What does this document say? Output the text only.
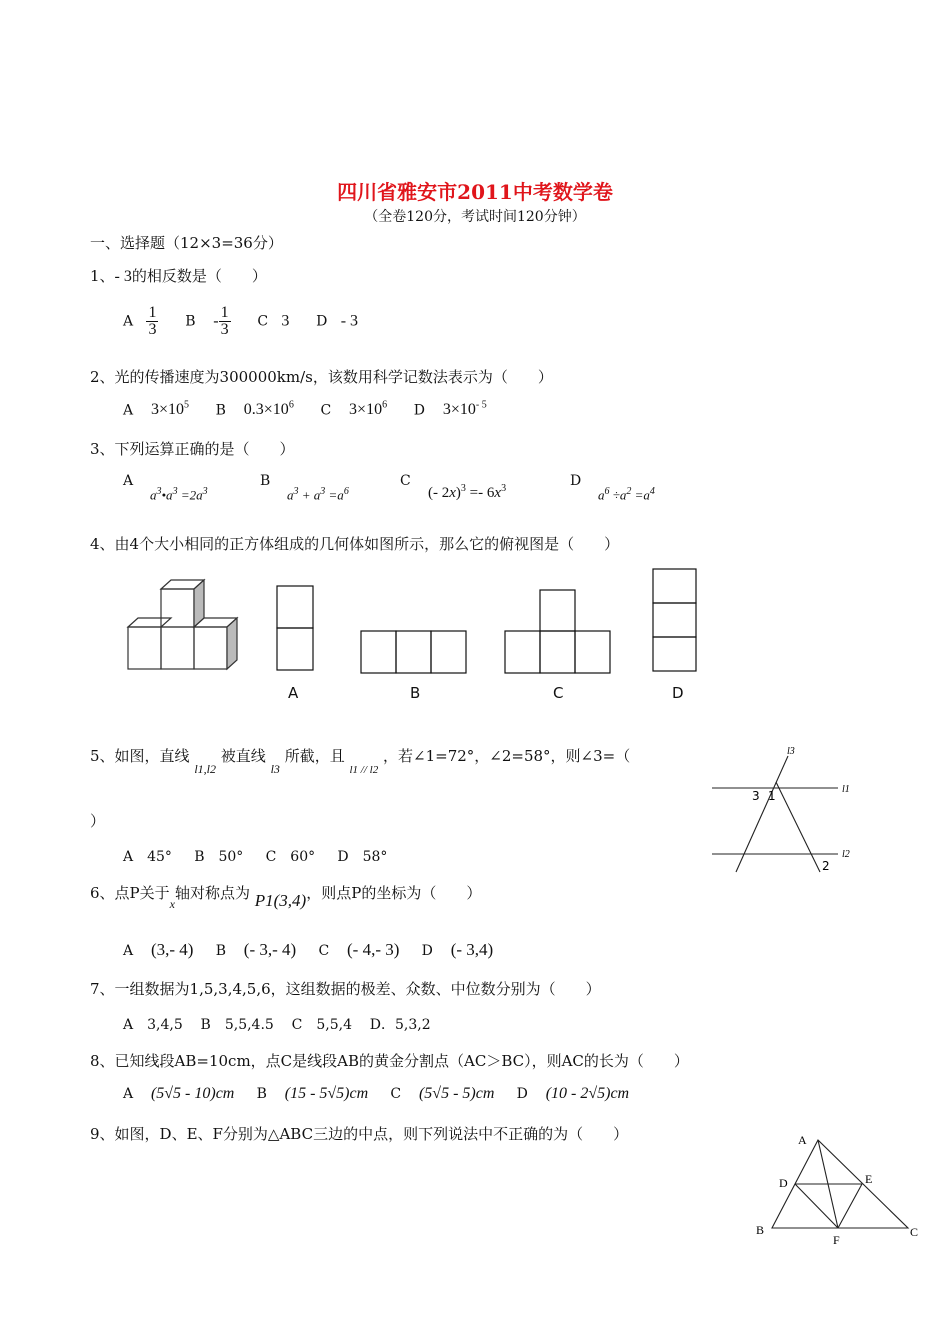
四川省雅安市2011中考数学卷
（全卷120分，考试时间120分钟）
一、选择题（12×3=36分）
1、- 3的相反数是（　　）
A $\frac{1}{3}$ B - $\frac{1}{3}$ C 3 D - 3
2、光的传播速度为300000km/s，该数用科学记数法表示为（　　）
A $3\times 10^5$ B $0.3\times 10^6$ C $3\times 10^6$ D $3\times 10^{- 5}$
3、下列运算正确的是（　　）
A
$a^3•a^3 =2a^3$
B
$a^3 + a^3 =a^6$
C
(- $2x)^3 =- 6x^3$	D
$a^6 \div a^2 =a^4$
4、由4个大小相同的正方体组成的几何体如图所示，那么它的俯视图是（　　）
A	B	C	D
5、如图，直线 $_{l1,l2}$ 被直线 $_{l3}$ 所截，且 $_{l1 // l2}$ ，若∠1=72°，∠2=58°，则∠3=（
）
A　45° B　50° C　60° D　58°
l3
l1
l2
1
2
3
6、点P关于$_x$轴对称点为 P1(3,4)，则点P的坐标为（　　）
A (3,- 4) B (- 3,- 4) C (- 4,- 3) D (- 3,4)
7、一组数据为1,5,3,4,5,6，这组数据的极差、众数、中位数分别为（　　）
A　3,4,5 B　5,5,4.5 C　5,5,4 D．5,3,2
8、已知线段AB=10cm，点C是线段AB的黄金分割点（AC＞BC），则AC的长为（　　）
A (5√5 - 10)cm B (15 - 5√5)cm C (5√5 - 5)cm D (10 - 2√5)cm
9、如图，D、E、F分别为△ABC三边的中点，则下列说法中不正确的为（　　）	A
B	C
D	E
F
